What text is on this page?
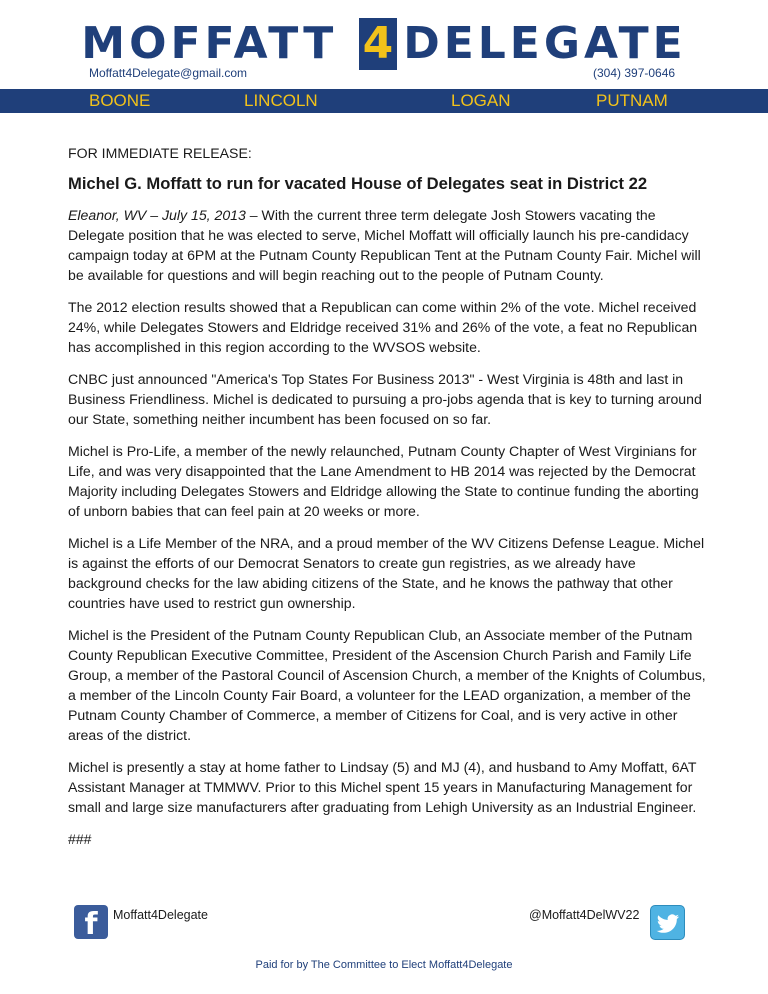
MOFFATT 4 DELEGATE
Moffatt4Delegate@gmail.com	(304) 397-0646
BOONE	LINCOLN	LOGAN	PUTNAM

FOR IMMEDIATE RELEASE:

Michel G. Moffatt to run for vacated House of Delegates seat in District 22

Eleanor, WV – July 15, 2013 – With the current three term delegate Josh Stowers vacating the Delegate position that he was elected to serve, Michel Moffatt will officially launch his pre-candidacy campaign today at 6PM at the Putnam County Republican Tent at the Putnam County Fair. Michel will be available for questions and will begin reaching out to the people of Putnam County.

The 2012 election results showed that a Republican can come within 2% of the vote. Michel received 24%, while Delegates Stowers and Eldridge received 31% and 26% of the vote, a feat no Republican has accomplished in this region according to the WVSOS website.

CNBC just announced "America's Top States For Business 2013" - West Virginia is 48th and last in Business Friendliness. Michel is dedicated to pursuing a pro-jobs agenda that is key to turning around our State, something neither incumbent has been focused on so far.

Michel is Pro-Life, a member of the newly relaunched, Putnam County Chapter of West Virginians for Life, and was very disappointed that the Lane Amendment to HB 2014 was rejected by the Democrat Majority including Delegates Stowers and Eldridge allowing the State to continue funding the aborting of unborn babies that can feel pain at 20 weeks or more.

Michel is a Life Member of the NRA, and a proud member of the WV Citizens Defense League. Michel is against the efforts of our Democrat Senators to create gun registries, as we already have background checks for the law abiding citizens of the State, and he knows the pathway that other countries have used to restrict gun ownership.

Michel is the President of the Putnam County Republican Club, an Associate member of the Putnam County Republican Executive Committee, President of the Ascension Church Parish and Family Life Group, a member of the Pastoral Council of Ascension Church, a member of the Knights of Columbus, a member of the Lincoln County Fair Board, a volunteer for the LEAD organization, a member of the Putnam County Chamber of Commerce, a member of Citizens for Coal, and is very active in other areas of the district.

Michel is presently a stay at home father to Lindsay (5) and MJ (4), and husband to Amy Moffatt, 6AT Assistant Manager at TMMWV. Prior to this Michel spent 15 years in Manufacturing Management for small and large size manufacturers after graduating from Lehigh University as an Industrial Engineer.

###

f	Moffatt4Delegate	@Moffatt4DelWV22
Paid for by The Committee to Elect Moffatt4Delegate
